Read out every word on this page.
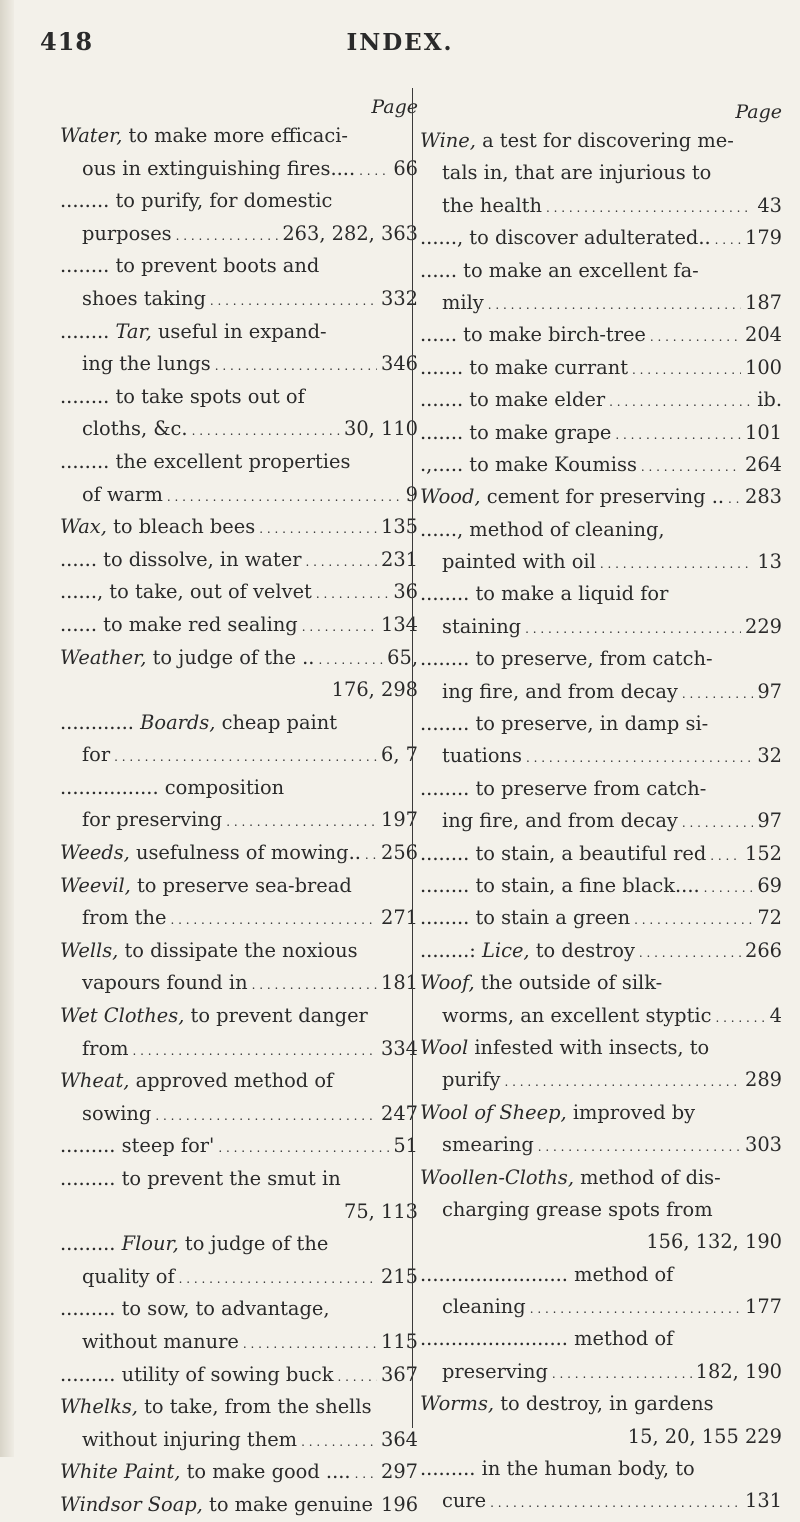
418	INDEX.
Page
Water, to make more efficaci-
ous in extinguishing fires.... . . . 66
........ to purify, for domestic
purposes . . .	263, 282, 363
........ to prevent boots and
shoes taking . . .	332
........ Tar, useful in expand-
ing the lungs . . .	346
........ to take spots out of
cloths, &c. . . .	30, 110
........ the excellent properties
of warm . . .	9
Wax, to bleach bees . . .	135
...... to dissolve, in water . . .	231
......, to take, out of velvet . . .	36
...... to make red sealing . . .	134
Weather, to judge of the .. . . .	65,
176, 298
............ Boards, cheap paint
for . . .	6, 7
................ composition
for preserving . . .	197
Weeds, usefulness of mowing.. . . . 256
Weevil, to preserve sea-bread
from the . . .	271
Wells, to dissipate the noxious
vapours found in . . .	181
Wet Clothes, to prevent danger
from . . .	334
Wheat, approved method of
sowing . . .	247
......... steep for' . . .	51
......... to prevent the smut in
75, 113
......... Flour, to judge of the
quality of . . .	215
......... to sow, to advantage,
without manure . . .	115
......... utility of sowing buck . . . 367
Whelks, to take, from the shells
without injuring them . . .	364
White Paint, to make good .... . . . 297
Windsor Soap, to make genuine 196
Page
Wine, a test for discovering me-
tals in, that are injurious to
the health . . .	43
......, to discover adulterated.. . . . 179
...... to make an excellent fa-
mily . . .	187
...... to make birch-tree . . .	204
....... to make currant . . .	100
....... to make elder . . .	ib.
....... to make grape . . .	101
.,..... to make Koumiss . . .	264
Wood, cement for preserving .. . . . 283
......, method of cleaning,
painted with oil . . .	13
........ to make a liquid for
staining . . .	229
........ to preserve, from catch-
ing fire, and from decay . . .	97
........ to preserve, in damp si-
tuations . . .	32
........ to preserve from catch-
ing fire, and from decay . . .	97
........ to stain, a beautiful red . . . 152
........ to stain, a fine black.... . . .	69
........ to stain a green . . .	72
........: Lice, to destroy . . .	266
Woof, the outside of silk-
worms, an excellent styptic . . .	4
Wool infested with insects, to
purify . . .	289
Wool of Sheep, improved by
smearing . . .	303
Woollen-Cloths, method of dis-
charging grease spots from
156, 132, 190
........................ method of
cleaning . . .	177
........................ method of
preserving . . .	182, 190
Worms, to destroy, in gardens
15, 20, 155 229
......... in the human body, to
cure . . .	131
